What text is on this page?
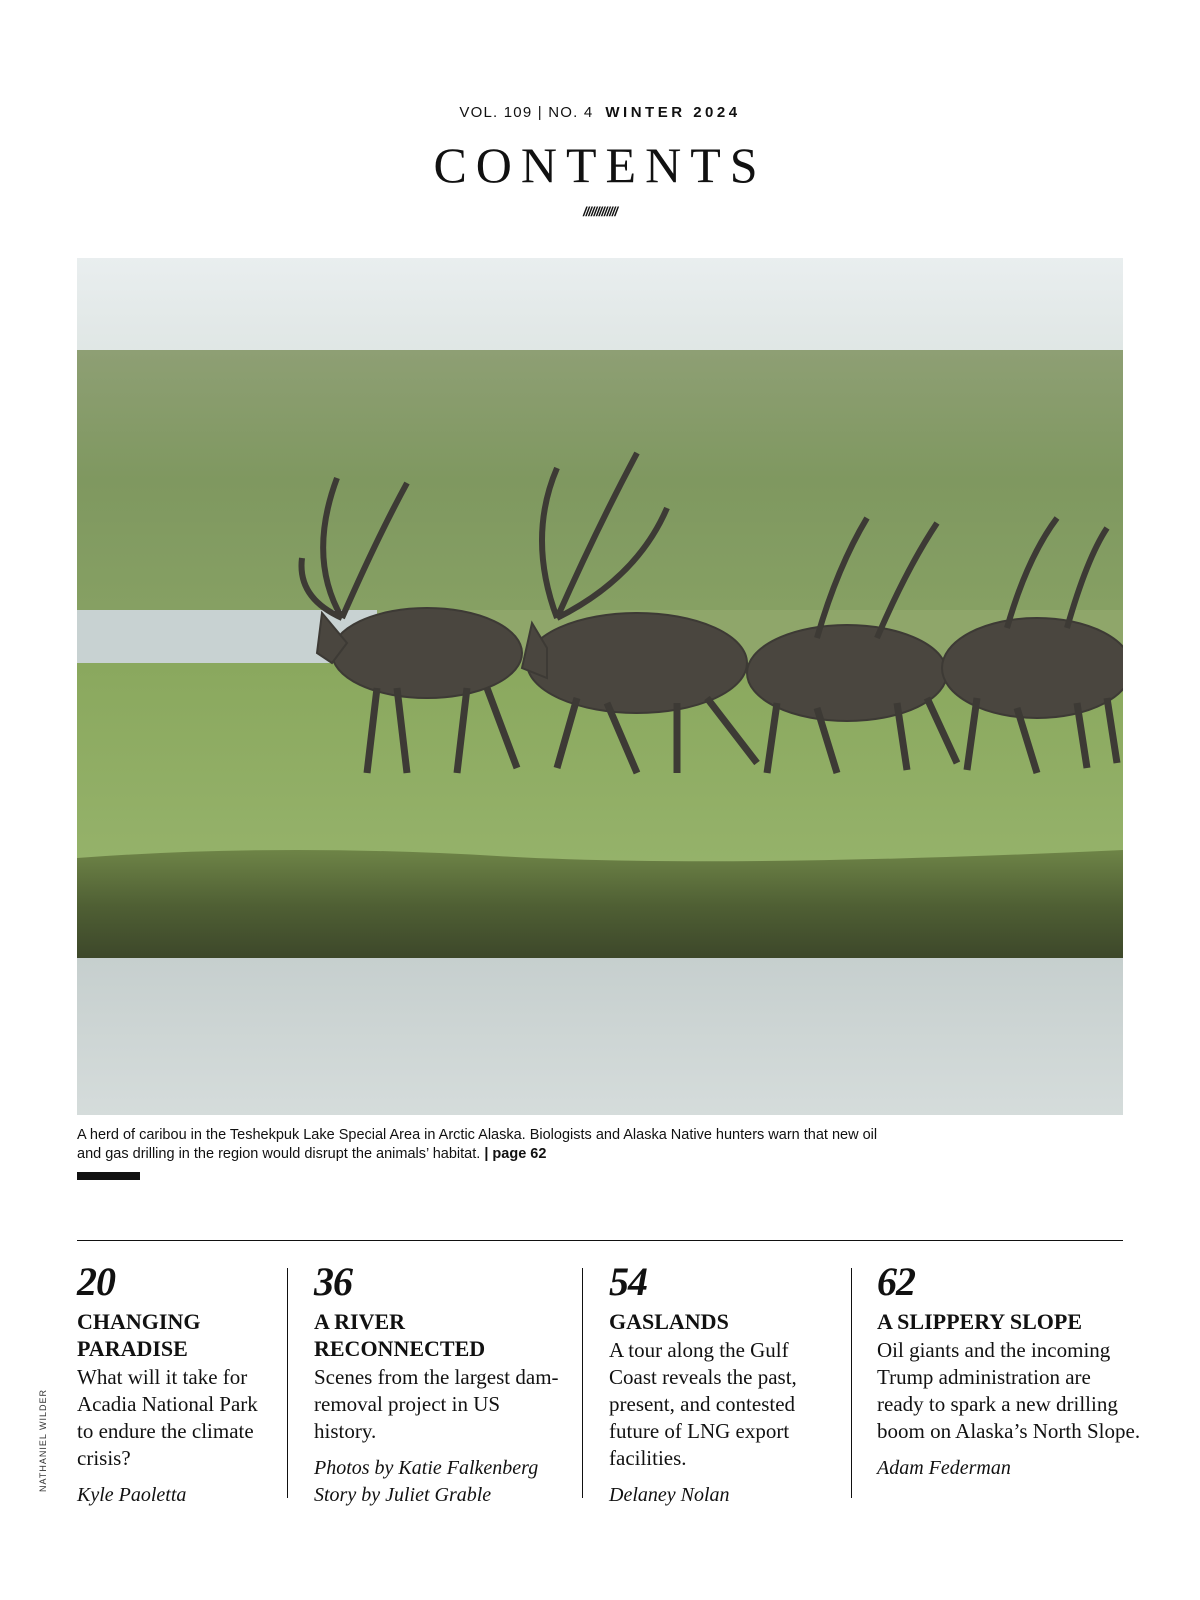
VOL. 109 | NO. 4 WINTER 2024
CONTENTS
/////////////
A herd of caribou in the Teshekpuk Lake Special Area in Arctic Alaska. Biologists and Alaska Native hunters warn that new oil and gas drilling in the region would disrupt the animals’ habitat. | page 62
NATHANIEL WILDER
20
CHANGING PARADISE
What will it take for Acadia National Park to endure the climate crisis?
Kyle Paoletta
36
A RIVER RECONNECTED
Scenes from the largest dam-removal project in US history.
Photos by Katie Falkenberg
Story by Juliet Grable
54
GASLANDS
A tour along the Gulf Coast reveals the past, present, and contested future of LNG export facilities.
Delaney Nolan
62
A SLIPPERY SLOPE
Oil giants and the incoming Trump administration are ready to spark a new drilling boom on Alaska’s North Slope.
Adam Federman
